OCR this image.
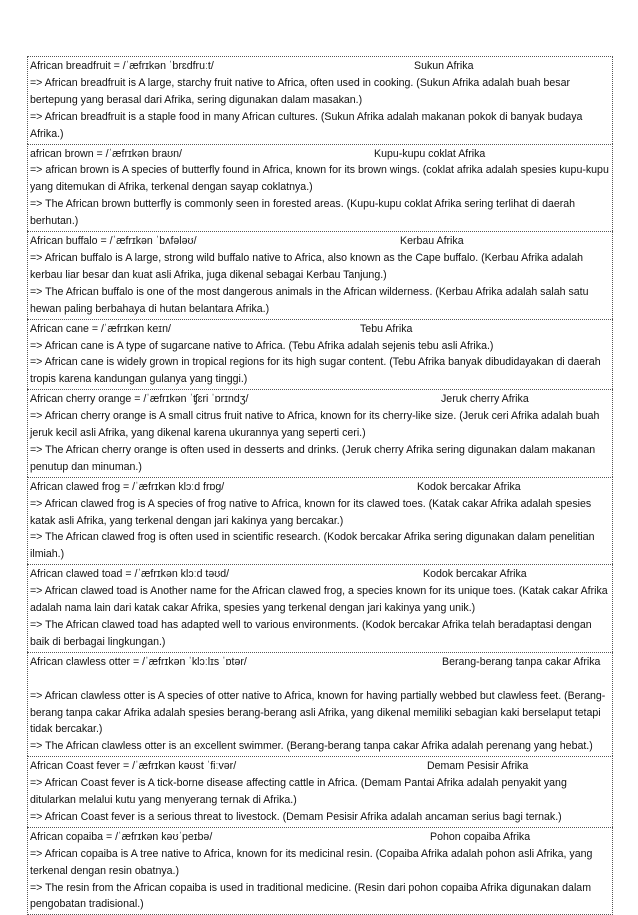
African breadfruit = /ˈæfrɪkən ˈbrɛdfruːt/	Sukun Afrika

=> African breadfruit is A large, starchy fruit native to Africa, often used in cooking. (Sukun Afrika adalah buah besar bertepung yang berasal dari Afrika, sering digunakan dalam masakan.)

=> African breadfruit is a staple food in many African cultures. (Sukun Afrika adalah makanan pokok di banyak budaya Afrika.)

african brown = /ˈæfrɪkən braʊn/	Kupu-kupu coklat Afrika

=> african brown is A species of butterfly found in Africa, known for its brown wings. (coklat afrika adalah spesies kupu-kupu yang ditemukan di Afrika, terkenal dengan sayap coklatnya.)

=> The African brown butterfly is commonly seen in forested areas. (Kupu-kupu coklat Afrika sering terlihat di daerah berhutan.)

African buffalo = /ˈæfrɪkən ˈbʌfələʊ/	Kerbau Afrika

=> African buffalo is A large, strong wild buffalo native to Africa, also known as the Cape buffalo. (Kerbau Afrika adalah kerbau liar besar dan kuat asli Afrika, juga dikenal sebagai Kerbau Tanjung.)

=> The African buffalo is one of the most dangerous animals in the African wilderness. (Kerbau Afrika adalah salah satu hewan paling berbahaya di hutan belantara Afrika.)

African cane = /ˈæfrɪkən keɪn/	Tebu Afrika

=> African cane is A type of sugarcane native to Africa. (Tebu Afrika adalah sejenis tebu asli Afrika.)

=> African cane is widely grown in tropical regions for its high sugar content. (Tebu Afrika banyak dibudidayakan di daerah tropis karena kandungan gulanya yang tinggi.)

African cherry orange = /ˈæfrɪkən ˈʧɛri ˈɒrɪndʒ/	Jeruk cherry Afrika

=> African cherry orange is A small citrus fruit native to Africa, known for its cherry-like size. (Jeruk ceri Afrika adalah buah jeruk kecil asli Afrika, yang dikenal karena ukurannya yang seperti ceri.)

=> The African cherry orange is often used in desserts and drinks. (Jeruk cherry Afrika sering digunakan dalam makanan penutup dan minuman.)

African clawed frog = /ˈæfrɪkən klɔːd frɒg/	Kodok bercakar Afrika

=> African clawed frog is A species of frog native to Africa, known for its clawed toes. (Katak cakar Afrika adalah spesies katak asli Afrika, yang terkenal dengan jari kakinya yang bercakar.)

=> The African clawed frog is often used in scientific research. (Kodok bercakar Afrika sering digunakan dalam penelitian ilmiah.)

African clawed toad = /ˈæfrɪkən klɔːd təʊd/	Kodok bercakar Afrika

=> African clawed toad is Another name for the African clawed frog, a species known for its unique toes. (Katak cakar Afrika adalah nama lain dari katak cakar Afrika, spesies yang terkenal dengan jari kakinya yang unik.)

=> The African clawed toad has adapted well to various environments. (Kodok bercakar Afrika telah beradaptasi dengan baik di berbagai lingkungan.)

African clawless otter = /ˈæfrɪkən ˈklɔːlɪs ˈɒtər/	Berang-berang tanpa cakar Afrika

=> African clawless otter is A species of otter native to Africa, known for having partially webbed but clawless feet. (Berang-berang tanpa cakar Afrika adalah spesies berang-berang asli Afrika, yang dikenal memiliki sebagian kaki berselaput tetapi tidak bercakar.)

=> The African clawless otter is an excellent swimmer. (Berang-berang tanpa cakar Afrika adalah perenang yang hebat.)

African Coast fever = /ˈæfrɪkən kəʊst ˈfiːvər/	Demam Pesisir Afrika

=> African Coast fever is A tick-borne disease affecting cattle in Africa. (Demam Pantai Afrika adalah penyakit yang ditularkan melalui kutu yang menyerang ternak di Afrika.)

=> African Coast fever is a serious threat to livestock. (Demam Pesisir Afrika adalah ancaman serius bagi ternak.)

African copaiba = /ˈæfrɪkən kəʊˈpeɪbə/	Pohon copaiba Afrika

=> African copaiba is A tree native to Africa, known for its medicinal resin. (Copaiba Afrika adalah pohon asli Afrika, yang terkenal dengan resin obatnya.)

=> The resin from the African copaiba is used in traditional medicine. (Resin dari pohon copaiba Afrika digunakan dalam pengobatan tradisional.)
